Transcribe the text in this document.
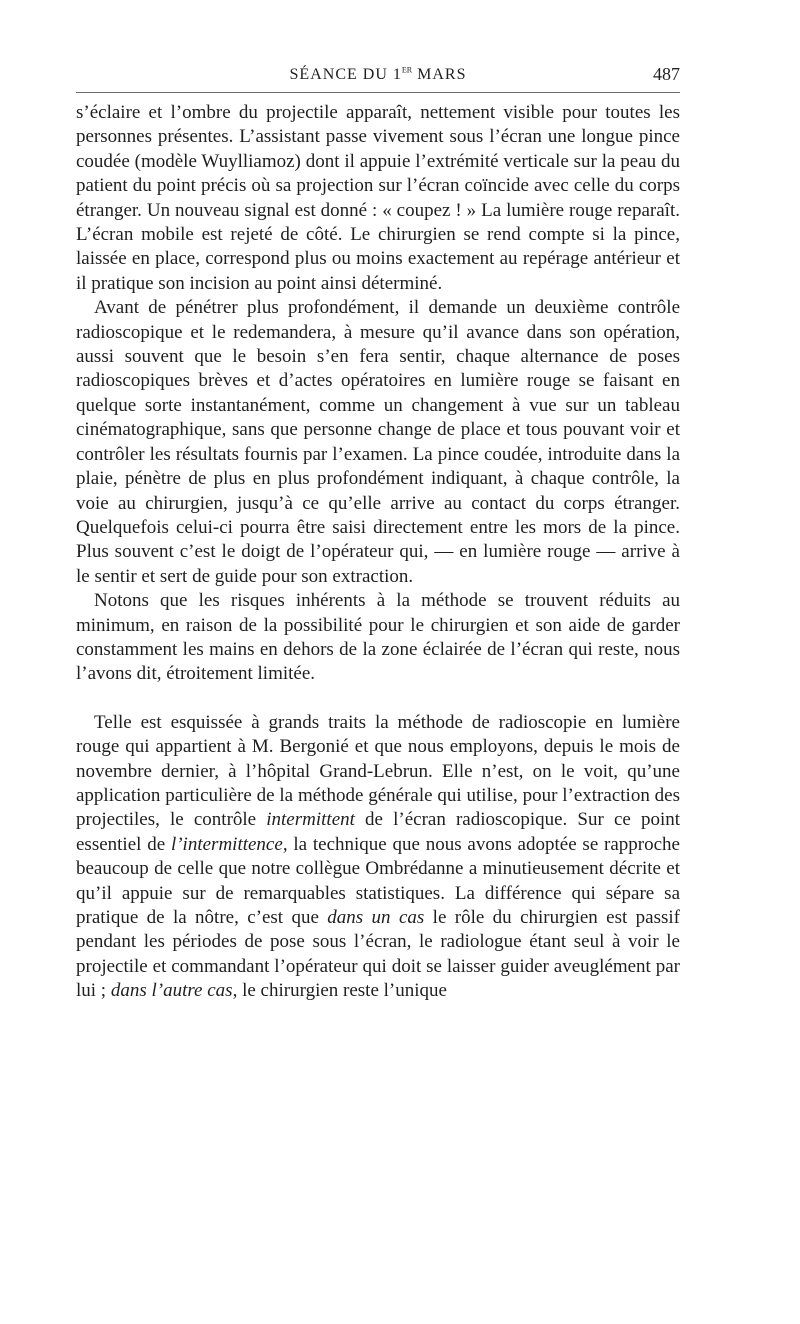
SÉANCE DU 1er MARS	487

s’éclaire et l’ombre du projectile apparaît, nettement visible pour toutes les personnes présentes. L’assistant passe vivement sous l’écran une longue pince coudée (modèle Wuylliamoz) dont il appuie l’extrémité verticale sur la peau du patient du point précis où sa projection sur l’écran coïncide avec celle du corps étranger. Un nouveau signal est donné : « coupez ! » La lumière rouge reparaît. L’écran mobile est rejeté de côté. Le chirurgien se rend compte si la pince, laissée en place, correspond plus ou moins exactement au repérage antérieur et il pratique son incision au point ainsi déterminé.

Avant de pénétrer plus profondément, il demande un deuxième contrôle radioscopique et le redemandera, à mesure qu’il avance dans son opération, aussi souvent que le besoin s’en fera sentir, chaque alternance de poses radioscopiques brèves et d’actes opératoires en lumière rouge se faisant en quelque sorte instantanément, comme un changement à vue sur un tableau cinématographique, sans que personne change de place et tous pouvant voir et contrôler les résultats fournis par l’examen. La pince coudée, introduite dans la plaie, pénètre de plus en plus profondément indiquant, à chaque contrôle, la voie au chirurgien, jusqu’à ce qu’elle arrive au contact du corps étranger. Quelquefois celui-ci pourra être saisi directement entre les mors de la pince. Plus souvent c’est le doigt de l’opérateur qui, — en lumière rouge — arrive à le sentir et sert de guide pour son extraction.

Notons que les risques inhérents à la méthode se trouvent réduits au minimum, en raison de la possibilité pour le chirurgien et son aide de garder constamment les mains en dehors de la zone éclairée de l’écran qui reste, nous l’avons dit, étroitement limitée.

Telle est esquissée à grands traits la méthode de radioscopie en lumière rouge qui appartient à M. Bergonié et que nous employons, depuis le mois de novembre dernier, à l’hôpital Grand-Lebrun. Elle n’est, on le voit, qu’une application particulière de la méthode générale qui utilise, pour l’extraction des projectiles, le contrôle intermittent de l’écran radioscopique. Sur ce point essentiel de l’intermittence, la technique que nous avons adoptée se rapproche beaucoup de celle que notre collègue Ombrédanne a minutieusement décrite et qu’il appuie sur de remarquables statistiques. La différence qui sépare sa pratique de la nôtre, c’est que dans un cas le rôle du chirurgien est passif pendant les périodes de pose sous l’écran, le radiologue étant seul à voir le projectile et commandant l’opérateur qui doit se laisser guider aveuglément par lui ; dans l’autre cas, le chirurgien reste l’unique
